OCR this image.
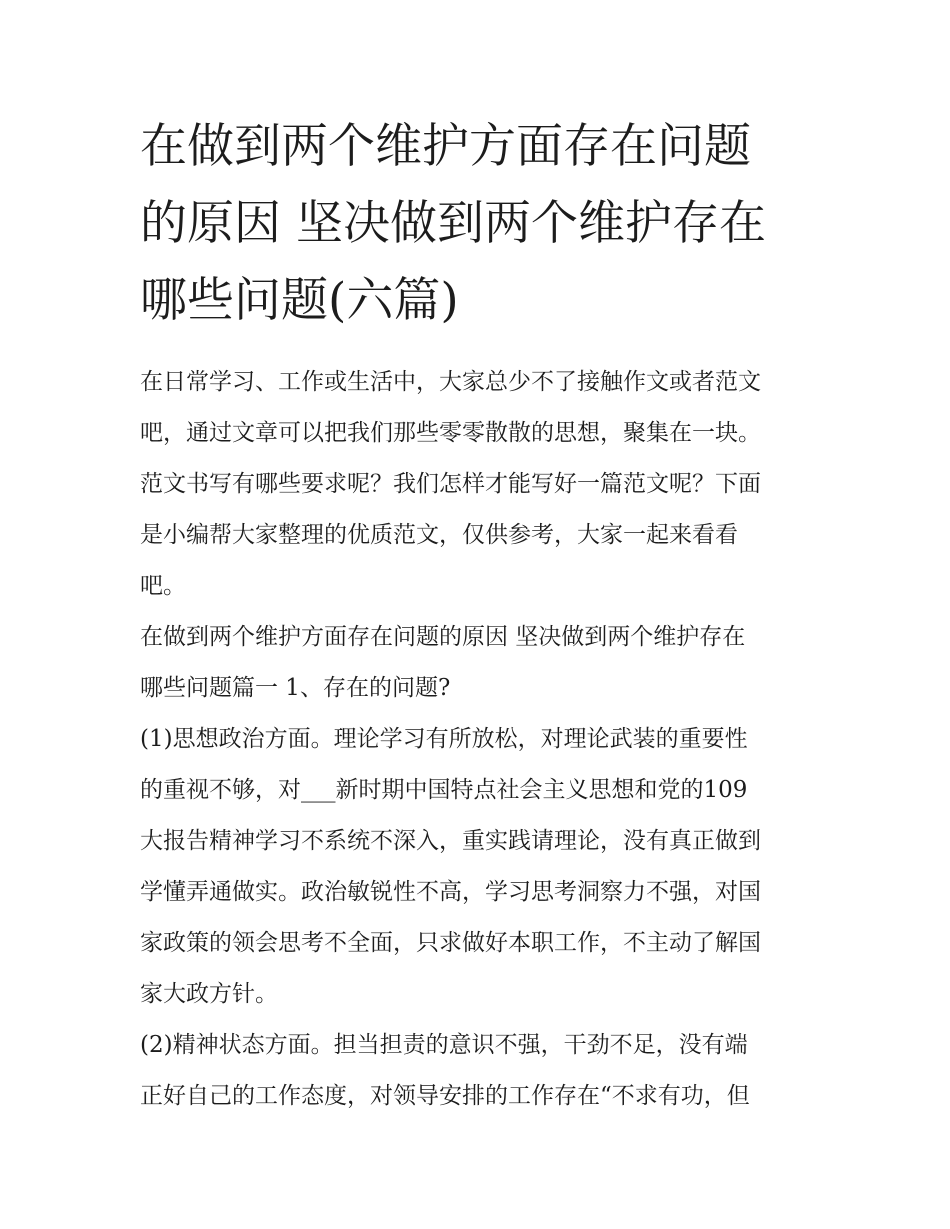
在做到两个维护方面存在问题
的原因 坚决做到两个维护存在
哪些问题(六篇)

在日常学习、工作或生活中，大家总少不了接触作文或者范文
吧，通过文章可以把我们那些零零散散的思想，聚集在一块。
范文书写有哪些要求呢？我们怎样才能写好一篇范文呢？下面
是小编帮大家整理的优质范文，仅供参考，大家一起来看看
吧。

在做到两个维护方面存在问题的原因 坚决做到两个维护存在
哪些问题篇一 1、存在的问题?

(1)思想政治方面。理论学习有所放松，对理论武装的重要性
的重视不够，对___新时期中国特点社会主义思想和党的109
大报告精神学习不系统不深入，重实践请理论，没有真正做到
学懂弄通做实。政治敏锐性不高，学习思考洞察力不强，对国
家政策的领会思考不全面，只求做好本职工作，不主动了解国
家大政方针。

(2)精神状态方面。担当担责的意识不强，干劲不足，没有端
正好自己的工作态度，对领导安排的工作存在“不求有功，但
